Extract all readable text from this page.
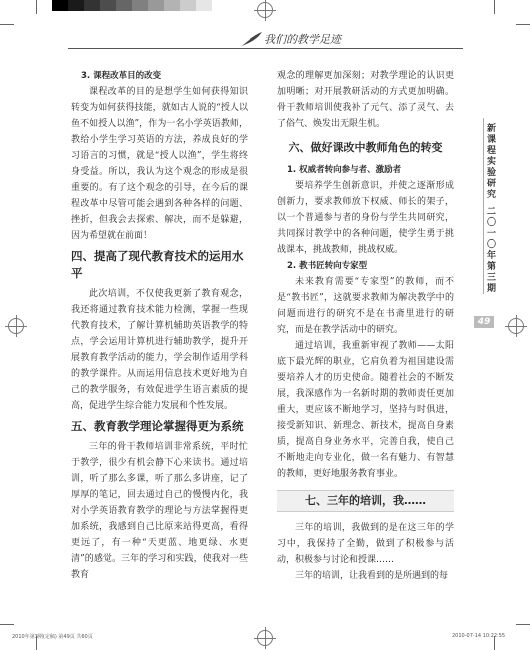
我们的教学足迹
新课程实验研究
二〇一〇年第三期
49
3. 课程改革目的改变

课程改革的目的是想学生如何获得知识转变为如何获得技能，就如古人说的“授人以鱼不如授人以渔”，作为一名小学英语教师，教给小学生学习英语的方法，养成良好的学习语言的习惯，就是“授人以渔”，学生将终身受益。所以，我认为这个观念的形成是很重要的。有了这个观念的引导，在今后的课程改革中尽管可能会遇到各种各样的问题、挫折，但我会去探索、解决，而不是躲避，因为希望就在前面！

四、提高了现代教育技术的运用水平

此次培训，不仅使我更新了教育观念，我还将通过教育技术能力检测，掌握一些现代教育技术，了解计算机辅助英语教学的特点，学会运用计算机进行辅助教学，提升开展教育教学活动的能力，学会制作适用学科的教学课件。从而运用信息技术更好地为自己的教学服务，有效促进学生语言素质的提高，促进学生综合能力发展和个性发展。

五、教育教学理论掌握得更为系统

三年的骨干教师培训非常系统，平时忙于教学，很少有机会静下心来读书。通过培训，听了那么多课，听了那么多讲座，记了厚厚的笔记，回去通过自己的慢慢内化，我对小学英语教育教学的理论与方法掌握得更加系统，我感到自己比原来站得更高，看得更远了，有一种“天更蓝、地更绿、水更清”的感觉。三年的学习和实践，使我对一些教育

观念的理解更加深刻；对教学理论的认识更加明晰；对开展教研活动的方式更加明确。骨干教师培训使我补了元气、添了灵气、去了俗气、焕发出无限生机。

六、做好课改中教师角色的转变
1. 权威者转向参与者、激励者

要培养学生创新意识，并使之逐渐形成创新力，要求教师放下权威、师长的架子，以一个普通参与者的身份与学生共同研究，共同探讨教学中的各种问题，使学生勇于挑战课本，挑战教师，挑战权威。

2. 教书匠转向专家型

未来教育需要“专家型”的教师，而不是“教书匠”，这就要求教师为解决教学中的问题而进行的研究不是在书斋里进行的研究，而是在教学活动中的研究。

通过培训，我重新审视了教师——太阳底下最光辉的职业，它肩负着为祖国建设需要培养人才的历史使命。随着社会的不断发展，我深感作为一名新时期的教师责任更加重大，更应该不断地学习，坚持与时俱进，接受新知识、新理念、新技术，提高自身素质，提高自身业务水平，完善自我，使自己不断地走向专业化，做一名有魅力、有智慧的教师，更好地服务教育事业。

七、三年的培训，我……

三年的培训，我做到的是在这三年的学习中，我保持了全勤，做到了积极参与活动，积极参与讨论和授课……

三年的培训，让我看到的是所遇到的每

2010年第3期(定稿) 第49页 共60页	2010-07-14 10:22:55
